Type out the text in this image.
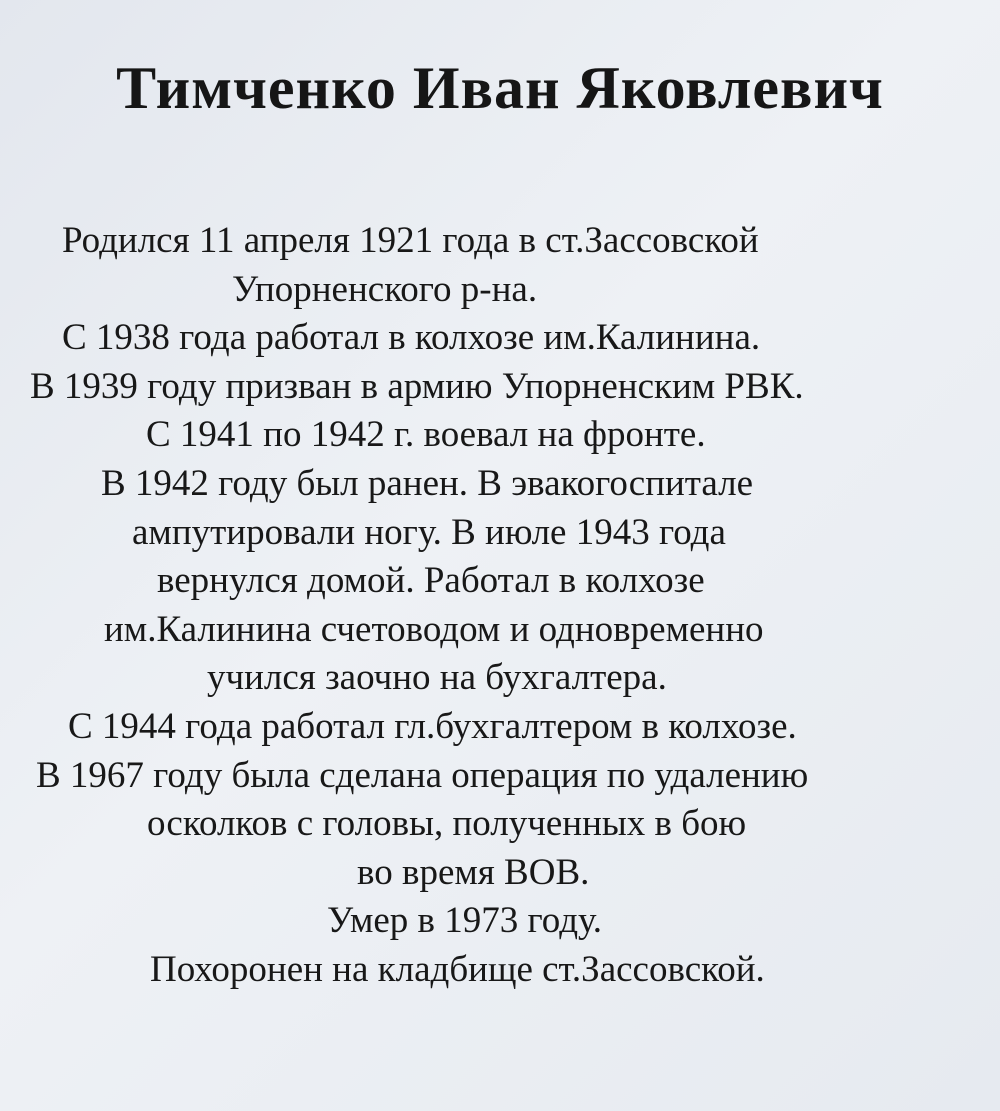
Тимченко Иван Яковлевич
Родился 11 апреля 1921 года в ст.Зассовской
Упорненского р-на.
С 1938 года работал в колхозе им.Калинина.
В 1939 году призван в армию Упорненским РВК.
С 1941 по 1942 г. воевал на фронте.
В 1942 году был ранен. В эвакогоспитале
ампутировали ногу. В июле 1943 года
вернулся домой. Работал в колхозе
им.Калинина счетоводом и одновременно
учился заочно на бухгалтера.
С 1944 года работал гл.бухгалтером в колхозе.
В 1967 году была сделана операция по удалению
осколков с головы, полученных в бою
во время ВОВ.
Умер в 1973 году.
Похоронен на кладбище ст.Зассовской.
